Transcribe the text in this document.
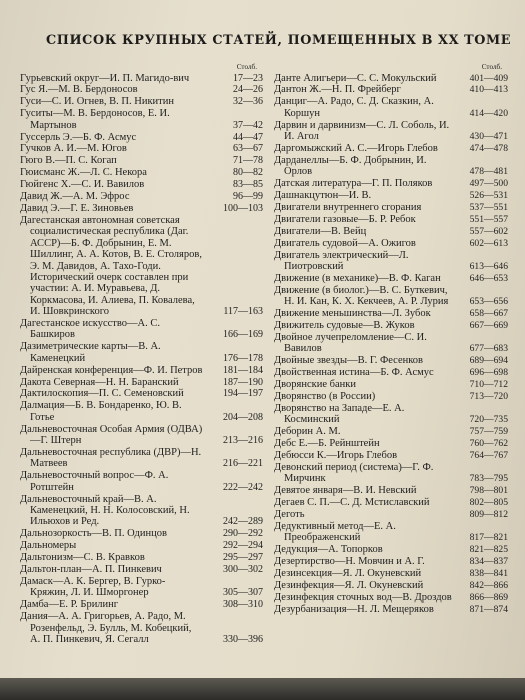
СПИСОК КРУПНЫХ СТАТЕЙ, ПОМЕЩЕННЫХ В XX ТОМЕ
Столб.
Гурьевский округ—И. П. Магидо-вич	17—23
Гус Я.—М. В. Бердоносов	24—26
Гуси—С. И. Огнев, В. П. Никитин	32—36
Гуситы—М. В. Бердоносов, Е. И. Мартынов	37—42
Гуссерль Э.—Б. Ф. Асмус	44—47
Гучков А. И.—М. Югов	63—67
Гюго В.—П. С. Когап	71—78
Гюисманс Ж.—Л. С. Некора	80—82
Гюйгенс Х.—С. И. Вавилов	83—85
Давид Ж.—А. М. Эфрос	96—99
Давид Э.—Г. Е. Зиновьев	100—103
Дагестанская автономная советская социалистическая республика (Даг. АССР)—Б. Ф. Добрынин, Е. М. Шиллинг, А. А. Котов, В. Е. Столяров, Э. М. Давидов, А. Тахо-Годи. Исторический очерк составлен при участии: А. И. Муравьева, Д. Коркмасова, И. Алиева, П. Ковалева, И. Шовкринского	117—163
Дагестанское искусство—А. С. Башкиров	166—169
Дазиметрические карты—В. А. Каменецкий	176—178
Дайренская конференция—Ф. И. Петров	181—184
Дакота Северная—Н. Н. Баранский	187—190
Дактилоскопия—П. С. Семеновский	194—197
Далмация—Б. В. Бондаренко, Ю. В. Готье	204—208
Дальневосточная Особая Армия (ОДВА)—Г. Штерн	213—216
Дальневосточная республика (ДВР)—Н. Матвеев	216—221
Дальневосточный вопрос—Ф. А. Ротштейн	222—242
Дальневосточный край—В. А. Каменецкий, Н. Н. Колосовский, Н. Ильюхов и Ред.	242—289
Дальнозоркость—В. П. Одинцов	290—292
Дальномеры	292—294
Дальтонизм—С. В. Кравков	295—297
Дальтон-план—А. П. Пинкевич	300—302
Дамаск—А. К. Бергер, В. Гурко-Кряжин, Л. И. Шморгонер	305—307
Дамба—Е. Р. Брилинг	308—310
Дания—А. А. Григорьев, А. Радо, М. Розенфельд, Э. Булль, М. Кобецкий, А. П. Пинкевич, Я. Сегалл	330—396
Столб.
Данте Алигьери—С. С. Мокульский	401—409
Дантон Ж.—Н. П. Фрейберг	410—413
Данциг—А. Радо, С. Д. Сказкин, А. Коршун	414—420
Дарвин и дарвинизм—С. Л. Соболь, И. И. Агол	430—471
Даргомыжский А. С.—Игорь Глебов	474—478
Дарданеллы—Б. Ф. Добрынин, И. Орлов	478—481
Датская литература—Г. П. Поляков	497—500
Дашнакцутюн—И. В.	526—531
Двигатели внутреннего сгорания	537—551
Двигатели газовые—Б. Р. Ребок	551—557
Двигатели—В. Вейц	557—602
Двигатель судовой—А. Ожигов	602—613
Двигатель электрический—Л. Пиотровский	613—646
Движение (в механике)—В. Ф. Каган	646—653
Движение (в биолог.)—В. С. Буткевич, Н. И. Кан, К. Х. Кекчеев, А. Р. Лурия	653—656
Движение меньшинства—Л. Зубок	658—667
Движитель судовые—В. Жуков	667—669
Двойное лучепреломление—С. И. Вавилов	677—683
Двойные звезды—В. Г. Фесенков	689—694
Двойственная истина—Б. Ф. Асмус	696—698
Дворянские банки	710—712
Дворянство (в России)	713—720
Дворянство на Западе—Е. А. Косминский	720—735
Деборин А. М.	757—759
Дебс Е.—Б. Рейнштейн	760—762
Дебюсси К.—Игорь Глебов	764—767
Девонский период (система)—Г. Ф. Мирчинк	783—795
Девятое января—В. И. Невский	798—801
Дегаев С. П.—С. Д. Мстиславский	802—805
Деготь	809—812
Дедуктивный метод—Е. А. Преображенский	817—821
Дедукция—А. Топорков	821—825
Дезертирство—Н. Мовчин и А. Г.	834—837
Дезинсекция—Я. Л. Окуневский	838—841
Дезинфекция—Я. Л. Окуневский	842—866
Дезинфекция сточных вод—В. Дроздов	866—869
Дезурбанизация—Н. Л. Мещеряков	871—874
